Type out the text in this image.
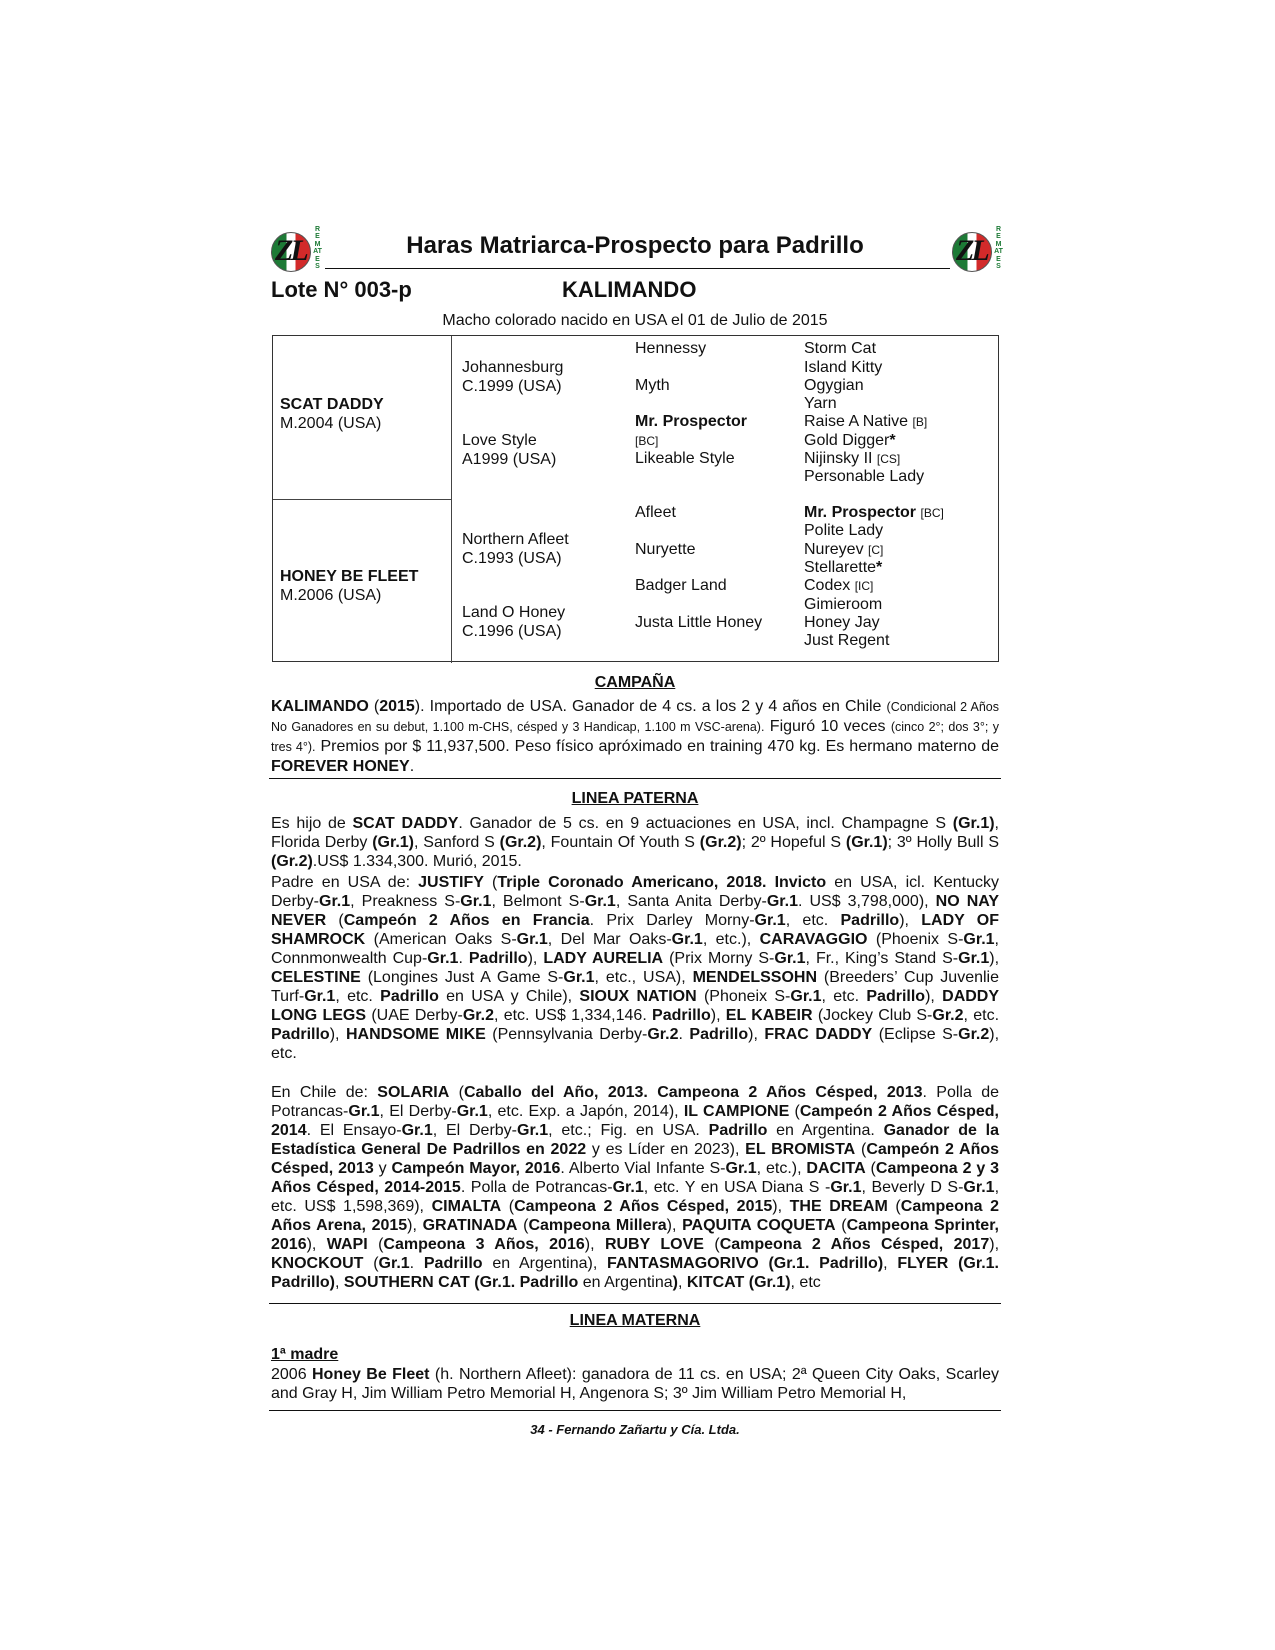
ZL
REMATES	ZL
REMATES
Haras Matriarca-Prospecto para Padrillo
Lote N° 003-p	KALIMANDO
Macho colorado nacido en USA el 01 de Julio de 2015
SCAT DADDY
M.2004 (USA)
HONEY BE FLEET
M.2006 (USA)
Johannesburg
C.1999 (USA)
Love Style
A1999 (USA)
Northern Afleet
C.1993 (USA)
Land O Honey
C.1996 (USA)
Hennessy
Myth
Mr. Prospector
[BC]
Likeable Style
Afleet
Nuryette
Badger Land
Justa Little Honey
Storm Cat
Island Kitty
Ogygian
Yarn
Raise A Native [B]
Gold Digger*
Nijinsky II [CS]
Personable Lady
Mr. Prospector [BC]
Polite Lady
Nureyev [C]
Stellarette*
Codex [IC]
Gimieroom
Honey Jay
Just Regent
CAMPAÑA

KALIMANDO (2015). Importado de USA. Ganador de 4 cs. a los 2 y 4 años en Chile (Condicional 2 Años No Ganadores en su debut, 1.100 m-CHS, césped y 3 Handicap, 1.100 m VSC-arena). Figuró 10 veces (cinco 2°; dos 3°; y tres 4°). Premios por $ 11,937,500. Peso físico apróximado en training 470 kg. Es hermano materno de FOREVER HONEY.

LINEA PATERNA

Es hijo de SCAT DADDY. Ganador de 5 cs. en 9 actuaciones en USA, incl. Champagne S (Gr.1), Florida Derby (Gr.1), Sanford S (Gr.2), Fountain Of Youth S (Gr.2); 2º Hopeful S (Gr.1); 3º Holly Bull S (Gr.2).US$ 1.334,300. Murió, 2015.

Padre en USA de: JUSTIFY (Triple Coronado Americano, 2018. Invicto en USA, icl. Kentucky Derby-Gr.1, Preakness S-Gr.1, Belmont S-Gr.1, Santa Anita Derby-Gr.1. US$ 3,798,000), NO NAY NEVER (Campeón 2 Años en Francia. Prix Darley Morny-Gr.1, etc. Padrillo), LADY OF SHAMROCK (American Oaks S-Gr.1, Del Mar Oaks-Gr.1, etc.), CARAVAGGIO (Phoenix S-Gr.1, Connmonwealth Cup-Gr.1. Padrillo), LADY AURELIA (Prix Morny S-Gr.1, Fr., King’s Stand S-Gr.1), CELESTINE (Longines Just A Game S-Gr.1, etc., USA), MENDELSSOHN (Breeders’ Cup Juvenlie Turf-Gr.1, etc. Padrillo en USA y Chile), SIOUX NATION (Phoneix S-Gr.1, etc. Padrillo), DADDY LONG LEGS (UAE Derby-Gr.2, etc. US$ 1,334,146. Padrillo), EL KABEIR (Jockey Club S-Gr.2, etc. Padrillo), HANDSOME MIKE (Pennsylvania Derby-Gr.2. Padrillo), FRAC DADDY (Eclipse S-Gr.2), etc.

En Chile de: SOLARIA (Caballo del Año, 2013. Campeona 2 Años Césped, 2013. Polla de Potrancas-Gr.1, El Derby-Gr.1, etc. Exp. a Japón, 2014), IL CAMPIONE (Campeón 2 Años Césped, 2014. El Ensayo-Gr.1, El Derby-Gr.1, etc.; Fig. en USA. Padrillo en Argentina. Ganador de la Estadística General De Padrillos en 2022 y es Líder en 2023), EL BROMISTA (Campeón 2 Años Césped, 2013 y Campeón Mayor, 2016. Alberto Vial Infante S-Gr.1, etc.), DACITA (Campeona 2 y 3 Años Césped, 2014-2015. Polla de Potrancas-Gr.1, etc. Y en USA Diana S -Gr.1, Beverly D S-Gr.1, etc. US$ 1,598,369), CIMALTA (Campeona 2 Años Césped, 2015), THE DREAM (Campeona 2 Años Arena, 2015), GRATINADA (Campeona Millera), PAQUITA COQUETA (Campeona Sprinter, 2016), WAPI (Campeona 3 Años, 2016), RUBY LOVE (Campeona 2 Años Césped, 2017), KNOCKOUT (Gr.1. Padrillo en Argentina), FANTASMAGORIVO (Gr.1. Padrillo), FLYER (Gr.1. Padrillo), SOUTHERN CAT (Gr.1. Padrillo en Argentina), KITCAT (Gr.1), etc

LINEA MATERNA

1ª madre

2006 Honey Be Fleet (h. Northern Afleet): ganadora de 11 cs. en USA; 2ª Queen City Oaks, Scarley and Gray H, Jim William Petro Memorial H, Angenora S; 3º Jim William Petro Memorial H,

34 - Fernando Zañartu y Cía. Ltda.
